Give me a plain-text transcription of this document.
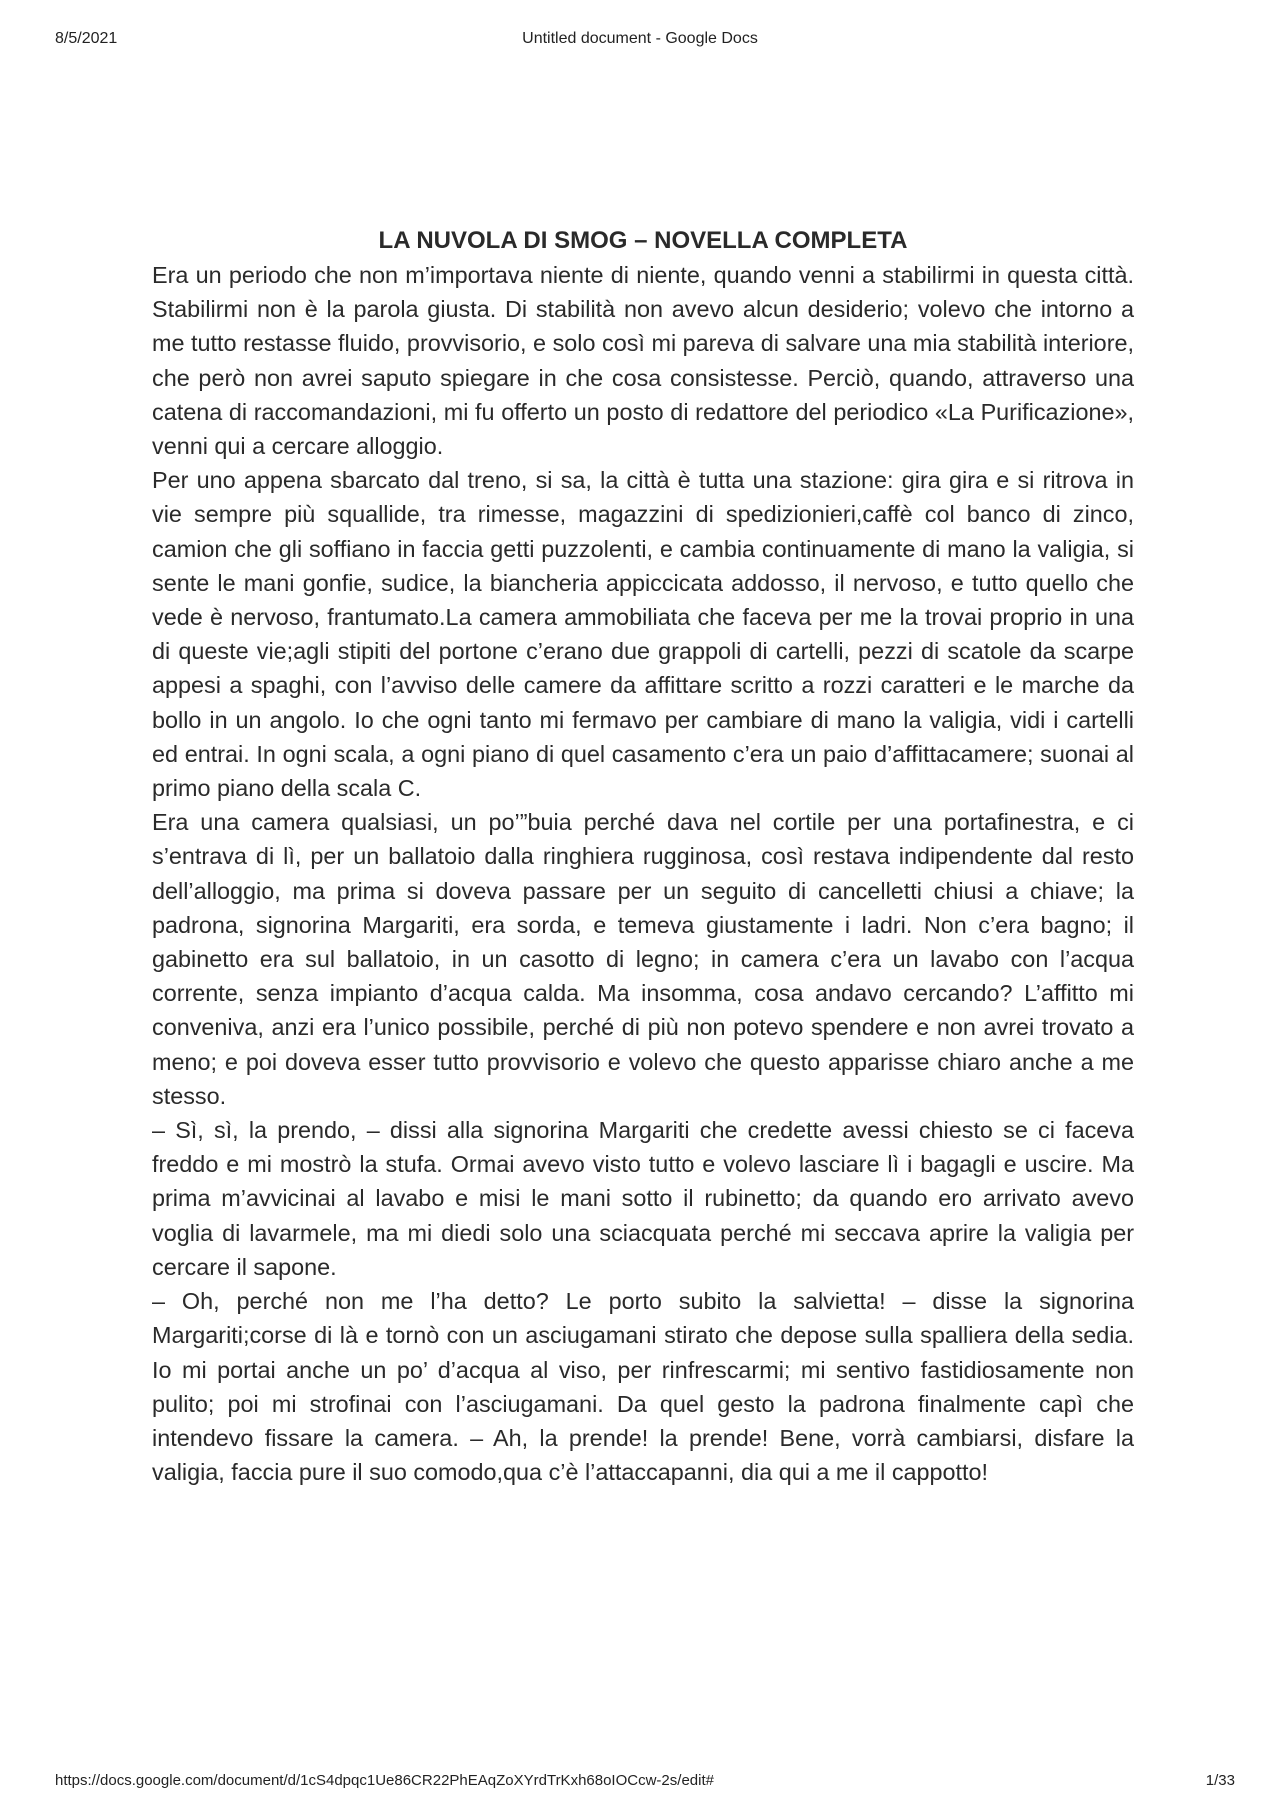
8/5/2021	Untitled document - Google Docs
LA NUVOLA DI SMOG – NOVELLA COMPLETA

Era un periodo che non m’importava niente di niente, quando venni a stabilirmi in questa città. Stabilirmi non è la parola giusta. Di stabilità non avevo alcun desiderio; volevo che intorno a me tutto restasse fluido, provvisorio, e solo così mi pareva di salvare una mia stabilità interiore, che però non avrei saputo spiegare in che cosa consistesse. Perciò, quando, attraverso una catena di raccomandazioni, mi fu offerto un posto di redattore del periodico «La Purificazione», venni qui a cercare alloggio.

Per uno appena sbarcato dal treno, si sa, la città è tutta una stazione: gira gira e si ritrova in vie sempre più squallide, tra rimesse, magazzini di spedizionieri,caffè col banco di zinco, camion che gli soffiano in faccia getti puzzolenti, e cambia continuamente di mano la valigia, si sente le mani gonfie, sudice, la biancheria appiccicata addosso, il nervoso, e tutto quello che vede è nervoso, frantumato.La camera ammobiliata che faceva per me la trovai proprio in una di queste vie;agli stipiti del portone c’erano due grappoli di cartelli, pezzi di scatole da scarpe appesi a spaghi, con l’avviso delle camere da affittare scritto a rozzi caratteri e le marche da bollo in un angolo. Io che ogni tanto mi fermavo per cambiare di mano la valigia, vidi i cartelli ed entrai. In ogni scala, a ogni piano di quel casamento c’era un paio d’affittacamere; suonai al primo piano della scala C.

Era una camera qualsiasi, un po’”buia perché dava nel cortile per una portafinestra, e ci s’entrava di lì, per un ballatoio dalla ringhiera rugginosa, così restava indipendente dal resto dell’alloggio, ma prima si doveva passare per un seguito di cancelletti chiusi a chiave; la padrona, signorina Margariti, era sorda, e temeva giustamente i ladri. Non c’era bagno; il gabinetto era sul ballatoio, in un casotto di legno; in camera c’era un lavabo con l’acqua corrente, senza impianto d’acqua calda. Ma insomma, cosa andavo cercando? L’affitto mi conveniva, anzi era l’unico possibile, perché di più non potevo spendere e non avrei trovato a meno; e poi doveva esser tutto provvisorio e volevo che questo apparisse chiaro anche a me stesso.

– Sì, sì, la prendo, – dissi alla signorina Margariti che credette avessi chiesto se ci faceva freddo e mi mostrò la stufa. Ormai avevo visto tutto e volevo lasciare lì i bagagli e uscire. Ma prima m’avvicinai al lavabo e misi le mani sotto il rubinetto; da quando ero arrivato avevo voglia di lavarmele, ma mi diedi solo una sciacquata perché mi seccava aprire la valigia per cercare il sapone.

– Oh, perché non me l’ha detto? Le porto subito la salvietta! – disse la signorina Margariti;corse di là e tornò con un asciugamani stirato che depose sulla spalliera della sedia. Io mi portai anche un po’ d’acqua al viso, per rinfrescarmi; mi sentivo fastidiosamente non pulito; poi mi strofinai con l’asciugamani. Da quel gesto la padrona finalmente capì che intendevo fissare la camera. – Ah, la prende! la prende! Bene, vorrà cambiarsi, disfare la valigia, faccia pure il suo comodo,qua c’è l’attaccapanni, dia qui a me il cappotto!

https://docs.google.com/document/d/1cS4dpqc1Ue86CR22PhEAqZoXYrdTrKxh68oIOCcw-2s/edit#	1/33
